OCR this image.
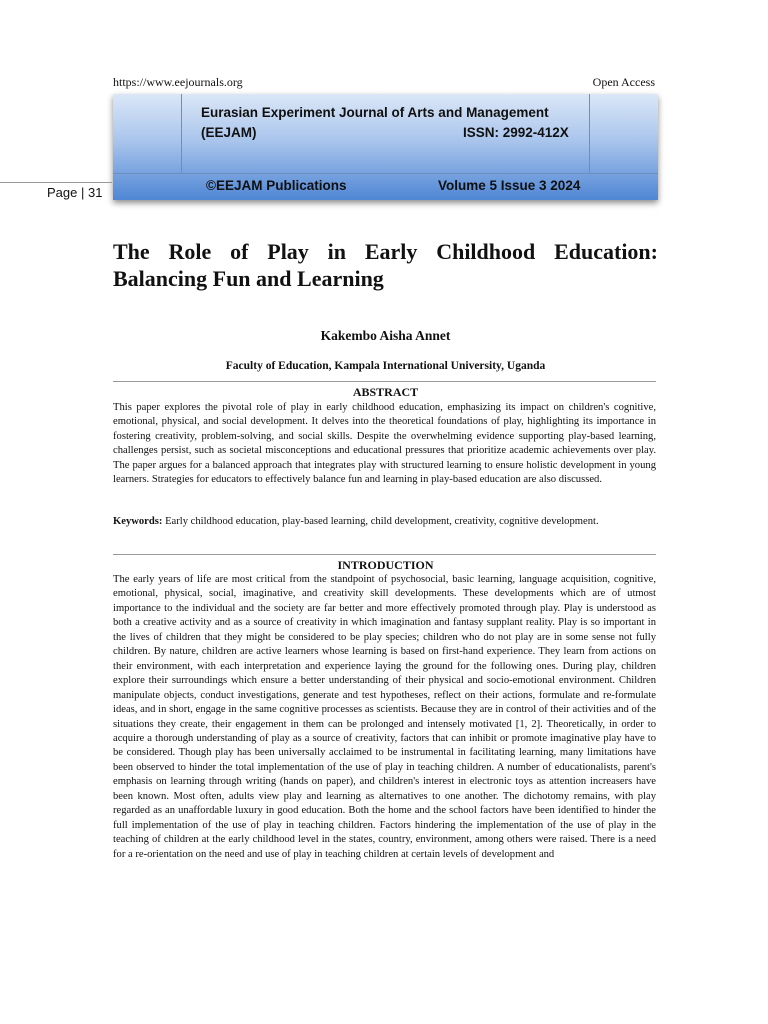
https://www.eejournals.org	Open Access
Eurasian Experiment Journal of Arts and Management
(EEJAM)	ISSN: 2992-412X
©EEJAM Publications	Volume 5 Issue 3 2024
Page | 31
The Role of Play in Early Childhood Education: Balancing Fun and Learning
Kakembo Aisha Annet
Faculty of Education, Kampala International University, Uganda
ABSTRACT
This paper explores the pivotal role of play in early childhood education, emphasizing its impact on children's cognitive, emotional, physical, and social development. It delves into the theoretical foundations of play, highlighting its importance in fostering creativity, problem-solving, and social skills. Despite the overwhelming evidence supporting play-based learning, challenges persist, such as societal misconceptions and educational pressures that prioritize academic achievements over play. The paper argues for a balanced approach that integrates play with structured learning to ensure holistic development in young learners. Strategies for educators to effectively balance fun and learning in play-based education are also discussed.
Keywords: Early childhood education, play-based learning, child development, creativity, cognitive development.
INTRODUCTION
The early years of life are most critical from the standpoint of psychosocial, basic learning, language acquisition, cognitive, emotional, physical, social, imaginative, and creativity skill developments. These developments which are of utmost importance to the individual and the society are far better and more effectively promoted through play. Play is understood as both a creative activity and as a source of creativity in which imagination and fantasy supplant reality. Play is so important in the lives of children that they might be considered to be play species; children who do not play are in some sense not fully children. By nature, children are active learners whose learning is based on first-hand experience. They learn from actions on their environment, with each interpretation and experience laying the ground for the following ones. During play, children explore their surroundings which ensure a better understanding of their physical and socio-emotional environment. Children manipulate objects, conduct investigations, generate and test hypotheses, reflect on their actions, formulate and re-formulate ideas, and in short, engage in the same cognitive processes as scientists. Because they are in control of their activities and of the situations they create, their engagement in them can be prolonged and intensely motivated [1, 2]. Theoretically, in order to acquire a thorough understanding of play as a source of creativity, factors that can inhibit or promote imaginative play have to be considered. Though play has been universally acclaimed to be instrumental in facilitating learning, many limitations have been observed to hinder the total implementation of the use of play in teaching children. A number of educationalists, parent's emphasis on learning through writing (hands on paper), and children's interest in electronic toys as attention increasers have been known. Most often, adults view play and learning as alternatives to one another. The dichotomy remains, with play regarded as an unaffordable luxury in good education. Both the home and the school factors have been identified to hinder the full implementation of the use of play in teaching children. Factors hindering the implementation of the use of play in the teaching of children at the early childhood level in the states, country, environment, among others were raised. There is a need for a re-orientation on the need and use of play in teaching children at certain levels of development and
